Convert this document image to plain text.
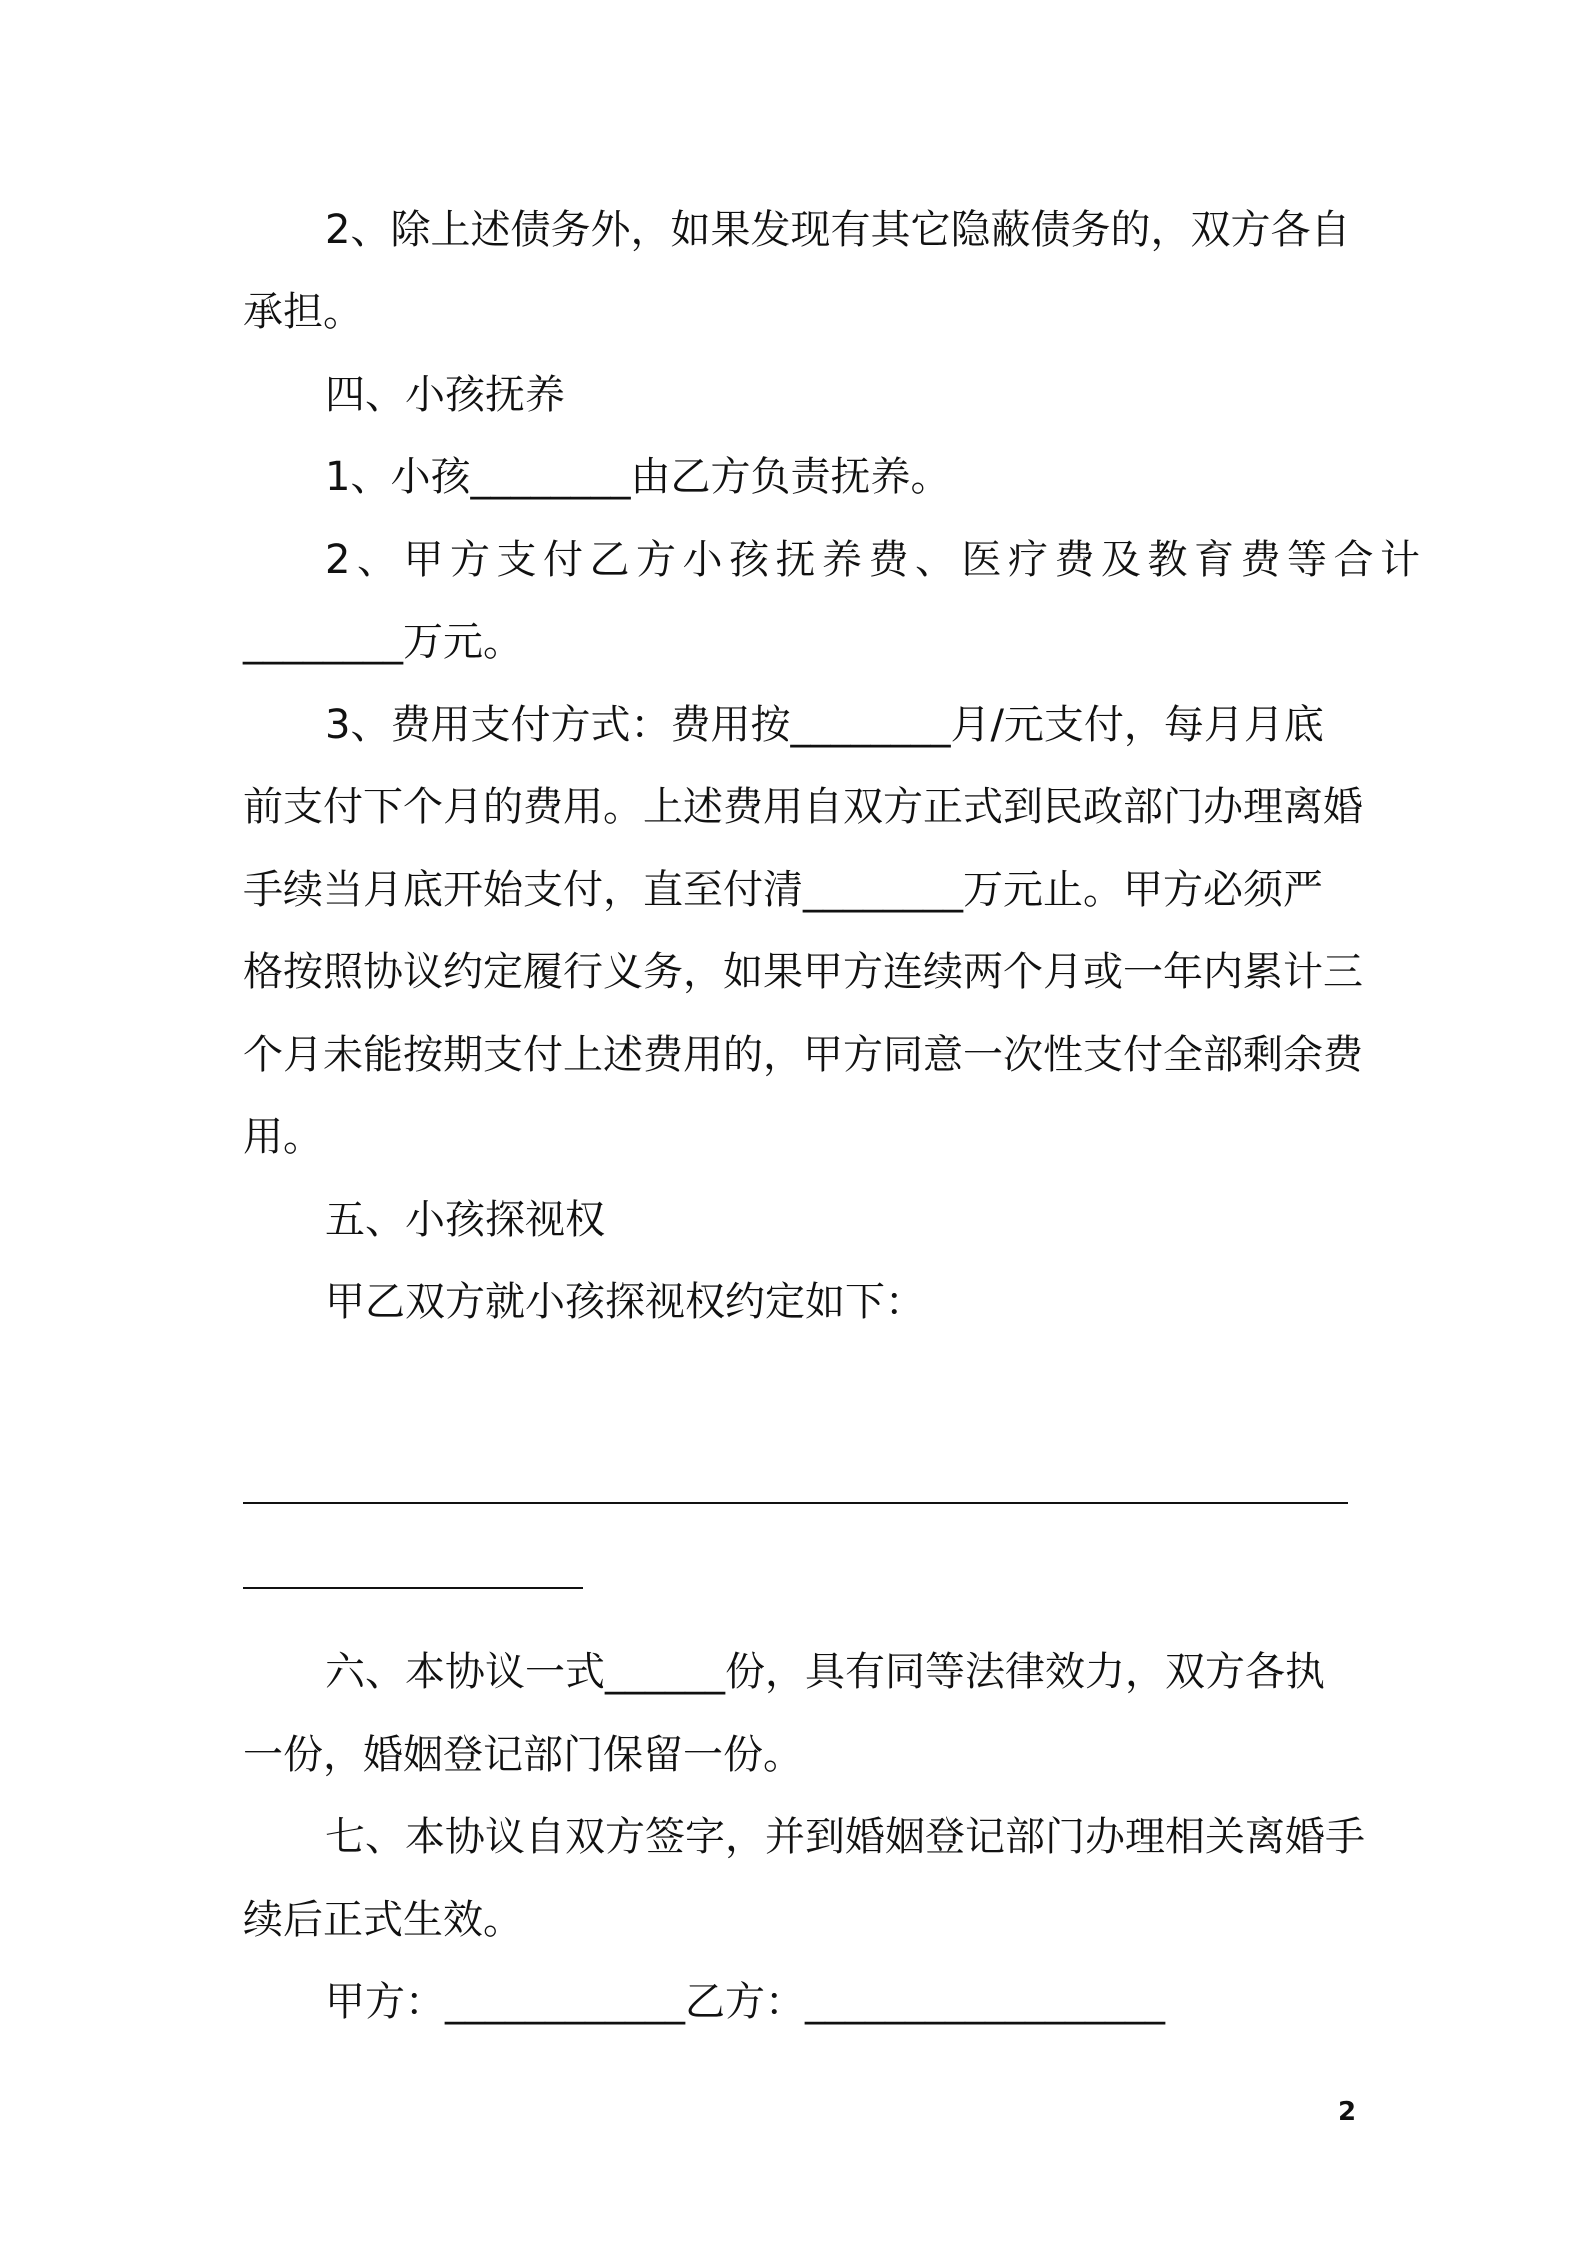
2、除上述债务外，如果发现有其它隐蔽债务的，双方各自
承担。
四、小孩抚养
1、小孩________由乙方负责抚养。
2、甲方支付乙方小孩抚养费、医疗费及教育费等合计
________万元。
3、费用支付方式：费用按________月/元支付，每月月底
前支付下个月的费用。上述费用自双方正式到民政部门办理离婚
手续当月底开始支付，直至付清________万元止。甲方必须严
格按照协议约定履行义务，如果甲方连续两个月或一年内累计三
个月未能按期支付上述费用的，甲方同意一次性支付全部剩余费
用。
五、小孩探视权
甲乙双方就小孩探视权约定如下：
六、本协议一式______份，具有同等法律效力，双方各执
一份，婚姻登记部门保留一份。
七、本协议自双方签字，并到婚姻登记部门办理相关离婚手
续后正式生效。
甲方：____________乙方：__________________
2
